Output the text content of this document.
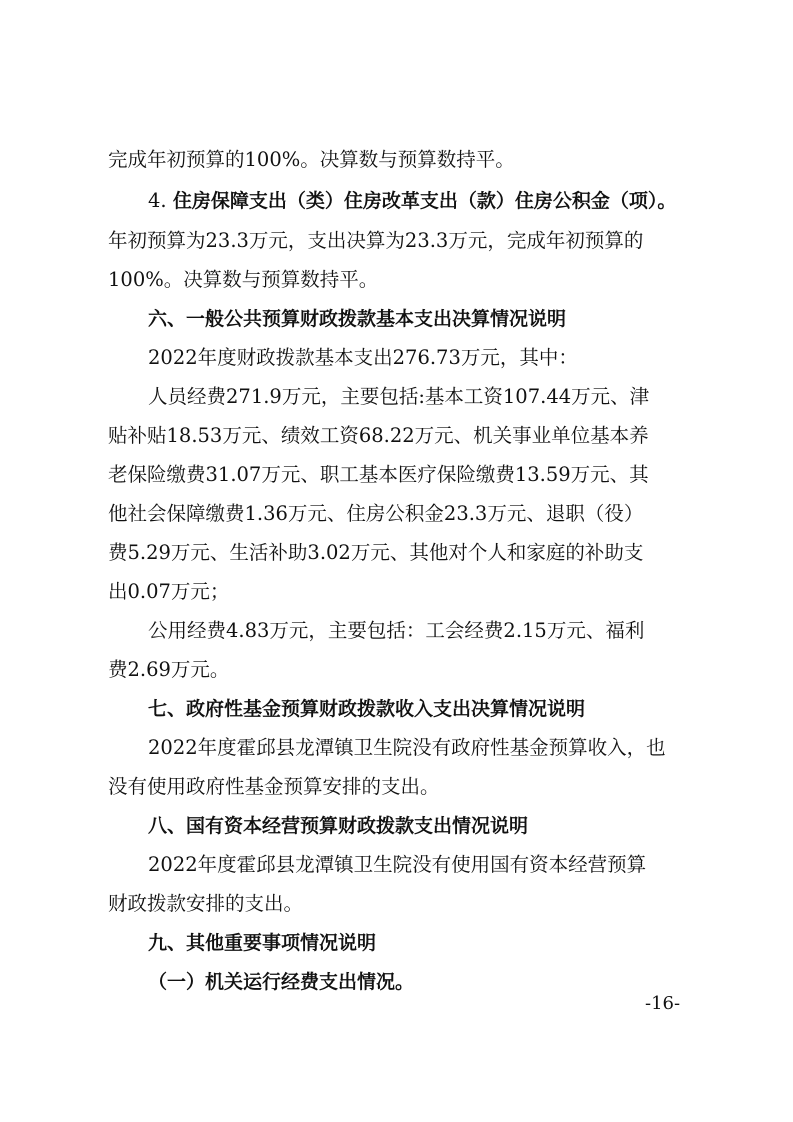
完成年初预算的100%。决算数与预算数持平。
4. 住房保障支出（类）住房改革支出（款）住房公积金（项）。
年初预算为23.3万元，支出决算为23.3万元，完成年初预算的
100%。决算数与预算数持平。
六、一般公共预算财政拨款基本支出决算情况说明
2022年度财政拨款基本支出276.73万元，其中：
人员经费271.9万元，主要包括:基本工资107.44万元、津
贴补贴18.53万元、绩效工资68.22万元、机关事业单位基本养
老保险缴费31.07万元、职工基本医疗保险缴费13.59万元、其
他社会保障缴费1.36万元、住房公积金23.3万元、退职（役）
费5.29万元、生活补助3.02万元、其他对个人和家庭的补助支
出0.07万元；
公用经费4.83万元，主要包括：工会经费2.15万元、福利
费2.69万元。
七、政府性基金预算财政拨款收入支出决算情况说明
2022年度霍邱县龙潭镇卫生院没有政府性基金预算收入，也
没有使用政府性基金预算安排的支出。
八、国有资本经营预算财政拨款支出情况说明
2022年度霍邱县龙潭镇卫生院没有使用国有资本经营预算
财政拨款安排的支出。
九、其他重要事项情况说明
（一）机关运行经费支出情况。
-16-
